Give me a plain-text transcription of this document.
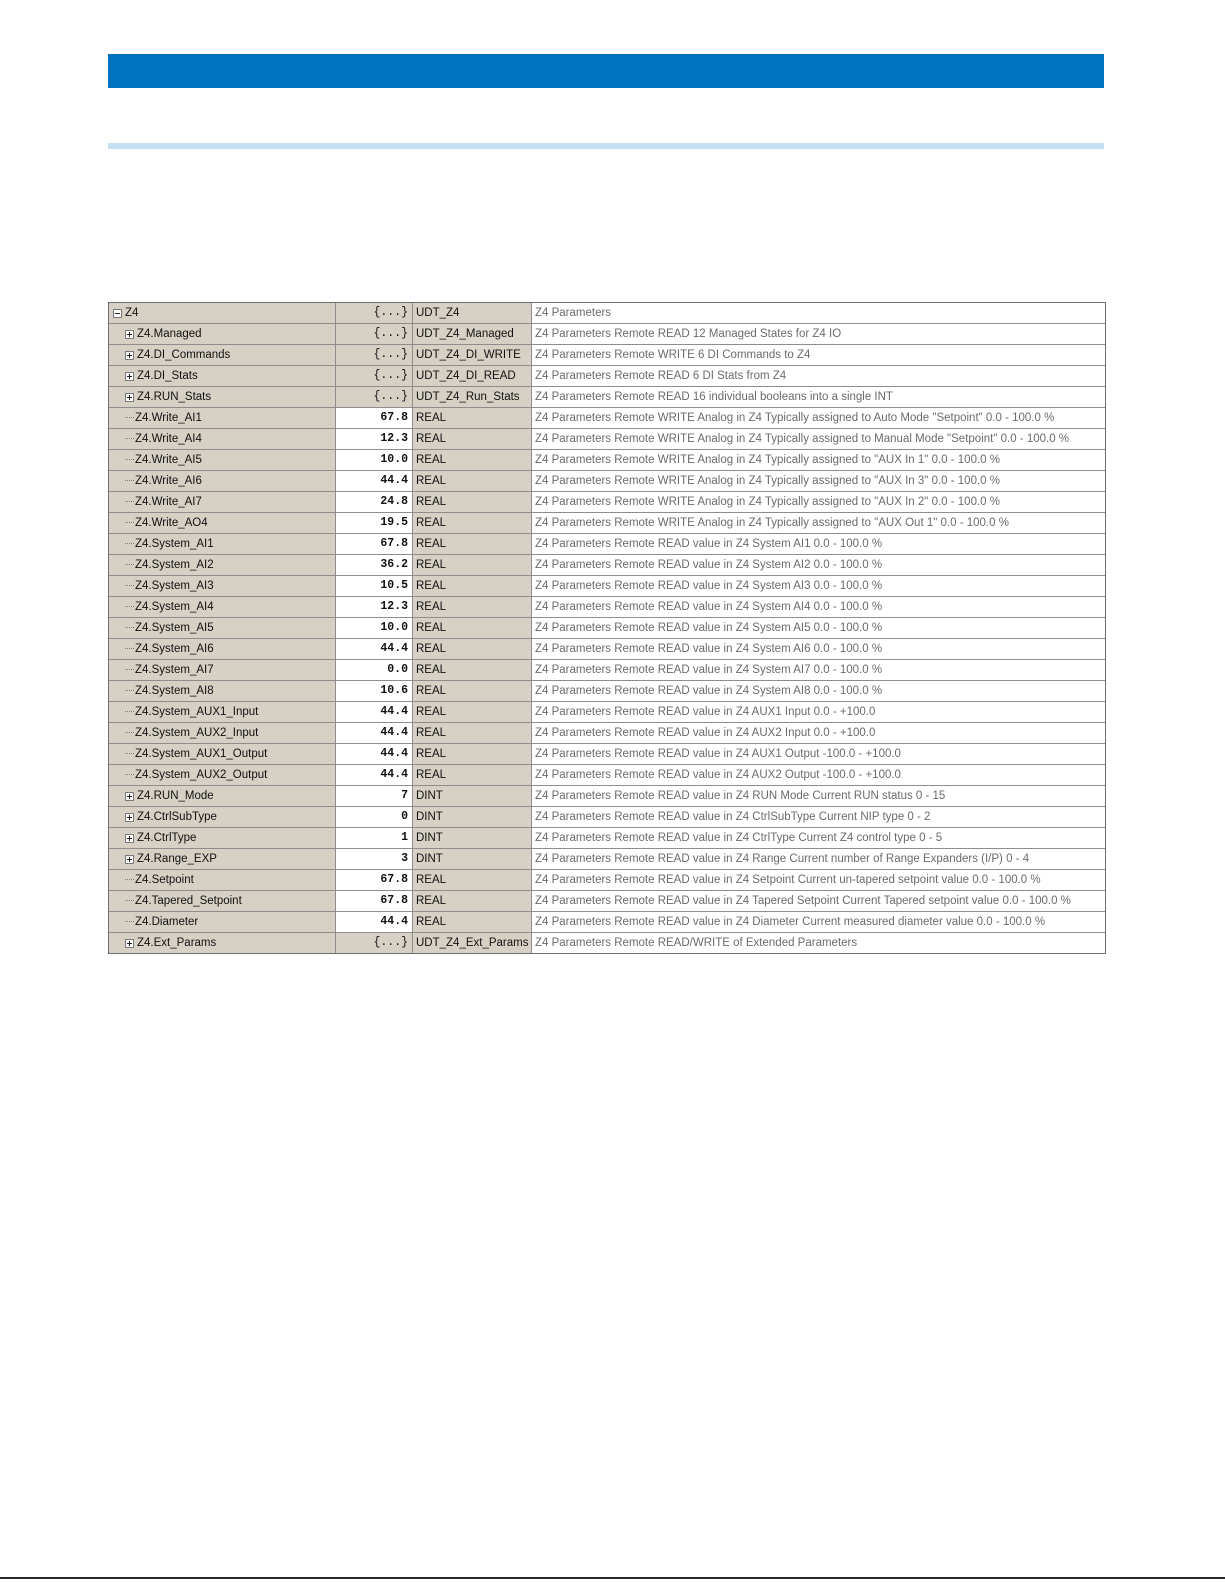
Z4	{...} UDT_Z4	Z4 Parameters
Z4.Managed	{...} UDT_Z4_Managed	Z4 Parameters Remote READ 12 Managed States for Z4 IO
Z4.DI_Commands	{...} UDT_Z4_DI_WRITE	Z4 Parameters Remote WRITE 6 DI Commands to Z4
Z4.DI_Stats	{...} UDT_Z4_DI_READ	Z4 Parameters Remote READ 6 DI Stats from Z4
Z4.RUN_Stats	{...} UDT_Z4_Run_Stats	Z4 Parameters Remote READ 16 individual booleans into a single INT
Z4.Write_AI1	67.8 REAL	Z4 Parameters Remote WRITE Analog in Z4 Typically assigned to Auto Mode "Setpoint" 0.0 - 100.0 %
Z4.Write_AI4	12.3 REAL	Z4 Parameters Remote WRITE Analog in Z4 Typically assigned to Manual Mode "Setpoint" 0.0 - 100.0 %
Z4.Write_AI5	10.0 REAL	Z4 Parameters Remote WRITE Analog in Z4 Typically assigned to "AUX In 1" 0.0 - 100.0 %
Z4.Write_AI6	44.4 REAL	Z4 Parameters Remote WRITE Analog in Z4 Typically assigned to "AUX In 3" 0.0 - 100.0 %
Z4.Write_AI7	24.8 REAL	Z4 Parameters Remote WRITE Analog in Z4 Typically assigned to "AUX In 2" 0.0 - 100.0 %
Z4.Write_AO4	19.5 REAL	Z4 Parameters Remote WRITE Analog in Z4 Typically assigned to "AUX Out 1" 0.0 - 100.0 %
Z4.System_AI1	67.8 REAL	Z4 Parameters Remote READ value in Z4 System AI1 0.0 - 100.0 %
Z4.System_AI2	36.2 REAL	Z4 Parameters Remote READ value in Z4 System AI2 0.0 - 100.0 %
Z4.System_AI3	10.5 REAL	Z4 Parameters Remote READ value in Z4 System AI3 0.0 - 100.0 %
Z4.System_AI4	12.3 REAL	Z4 Parameters Remote READ value in Z4 System AI4 0.0 - 100.0 %
Z4.System_AI5	10.0 REAL	Z4 Parameters Remote READ value in Z4 System AI5 0.0 - 100.0 %
Z4.System_AI6	44.4 REAL	Z4 Parameters Remote READ value in Z4 System AI6 0.0 - 100.0 %
Z4.System_AI7	0.0 REAL	Z4 Parameters Remote READ value in Z4 System AI7 0.0 - 100.0 %
Z4.System_AI8	10.6 REAL	Z4 Parameters Remote READ value in Z4 System AI8 0.0 - 100.0 %
Z4.System_AUX1_Input	44.4 REAL	Z4 Parameters Remote READ value in Z4 AUX1 Input 0.0 - +100.0
Z4.System_AUX2_Input	44.4 REAL	Z4 Parameters Remote READ value in Z4 AUX2 Input 0.0 - +100.0
Z4.System_AUX1_Output	44.4 REAL	Z4 Parameters Remote READ value in Z4 AUX1 Output -100.0 - +100.0
Z4.System_AUX2_Output	44.4 REAL	Z4 Parameters Remote READ value in Z4 AUX2 Output -100.0 - +100.0
Z4.RUN_Mode	7 DINT	Z4 Parameters Remote READ value in Z4 RUN Mode Current RUN status 0 - 15
Z4.CtrlSubType	0 DINT	Z4 Parameters Remote READ value in Z4 CtrlSubType Current NIP type 0 - 2
Z4.CtrlType	1 DINT	Z4 Parameters Remote READ value in Z4 CtrlType Current Z4 control type 0 - 5
Z4.Range_EXP	3 DINT	Z4 Parameters Remote READ value in Z4 Range Current number of Range Expanders (I/P) 0 - 4
Z4.Setpoint	67.8 REAL	Z4 Parameters Remote READ value in Z4 Setpoint Current un-tapered setpoint value 0.0 - 100.0 %
Z4.Tapered_Setpoint	67.8 REAL	Z4 Parameters Remote READ value in Z4 Tapered Setpoint Current Tapered setpoint value 0.0 - 100.0 %
Z4.Diameter	44.4 REAL	Z4 Parameters Remote READ value in Z4 Diameter Current measured diameter value 0.0 - 100.0 %
Z4.Ext_Params	{...} UDT_Z4_Ext_Params Z4 Parameters Remote READ/WRITE of Extended Parameters
